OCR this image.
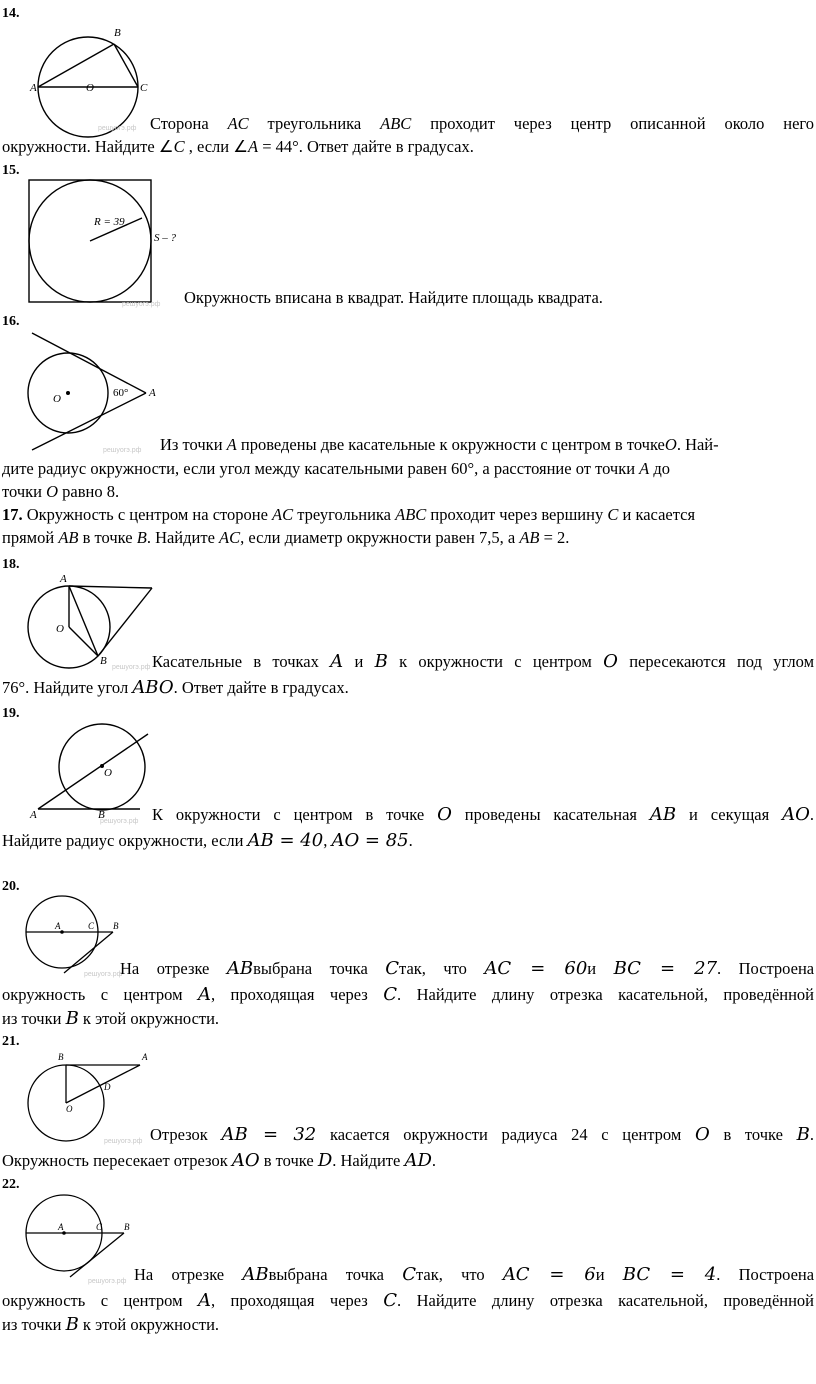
14.
B
A	O	C
решуогэ.рф Сторона AC треугольника ABC проходит через центр описанной около него
окружности. Найдите ∠C , если ∠A = 44°. Ответ дайте в градусах.
15.
R = 39
S – ?
решуогэ.рф Окружность вписана в квадрат. Найдите площадь квадрата.
16.
O	60° A
решуогэ.рф Из точки A проведены две касательные к окружности с центром в точкеO. Най-
дите радиус окружности, если угол между касательными равен 60°, а расстояние от точки A до
точки O равно 8.
17. Окружность с центром на стороне AC треугольника ABC проходит через вершину C и касается
прямой AB в точке B. Найдите AC, если диаметр окружности равен 7,5, а AB = 2.
18.
A
O
B
решуогэ.рф Касательные в точках A и B к окружности с центром O пересекаются под углом
76°. Найдите угол ABO. Ответ дайте в градусах.
19.
O
A	B
решуогэ.рф К окружности с центром в точке O проведены касательная AB и секущая AO.
Найдите радиус окружности, если AB = 40, AO = 85.
20.
A	C B
решуогэ.рф
На отрезке ABвыбрана точка Cтак, что AC = 60и BC = 27. Построена
окружность с центром A, проходящая через C. Найдите длину отрезка касательной, проведённой
из точки B к этой окружности.
21.
B	A
D
O
решуогэ.рф Отрезок AB = 32 касается окружности радиуса 24 с центром O в точке B.
Окружность пересекает отрезок AO в точке D. Найдите AD.
22.
A	C B
решуогэ.рф На отрезке ABвыбрана точка Cтак, что AC = 6и BC = 4. Построена
окружность с центром A, проходящая через C. Найдите длину отрезка касательной, проведённой
из точки B к этой окружности.
